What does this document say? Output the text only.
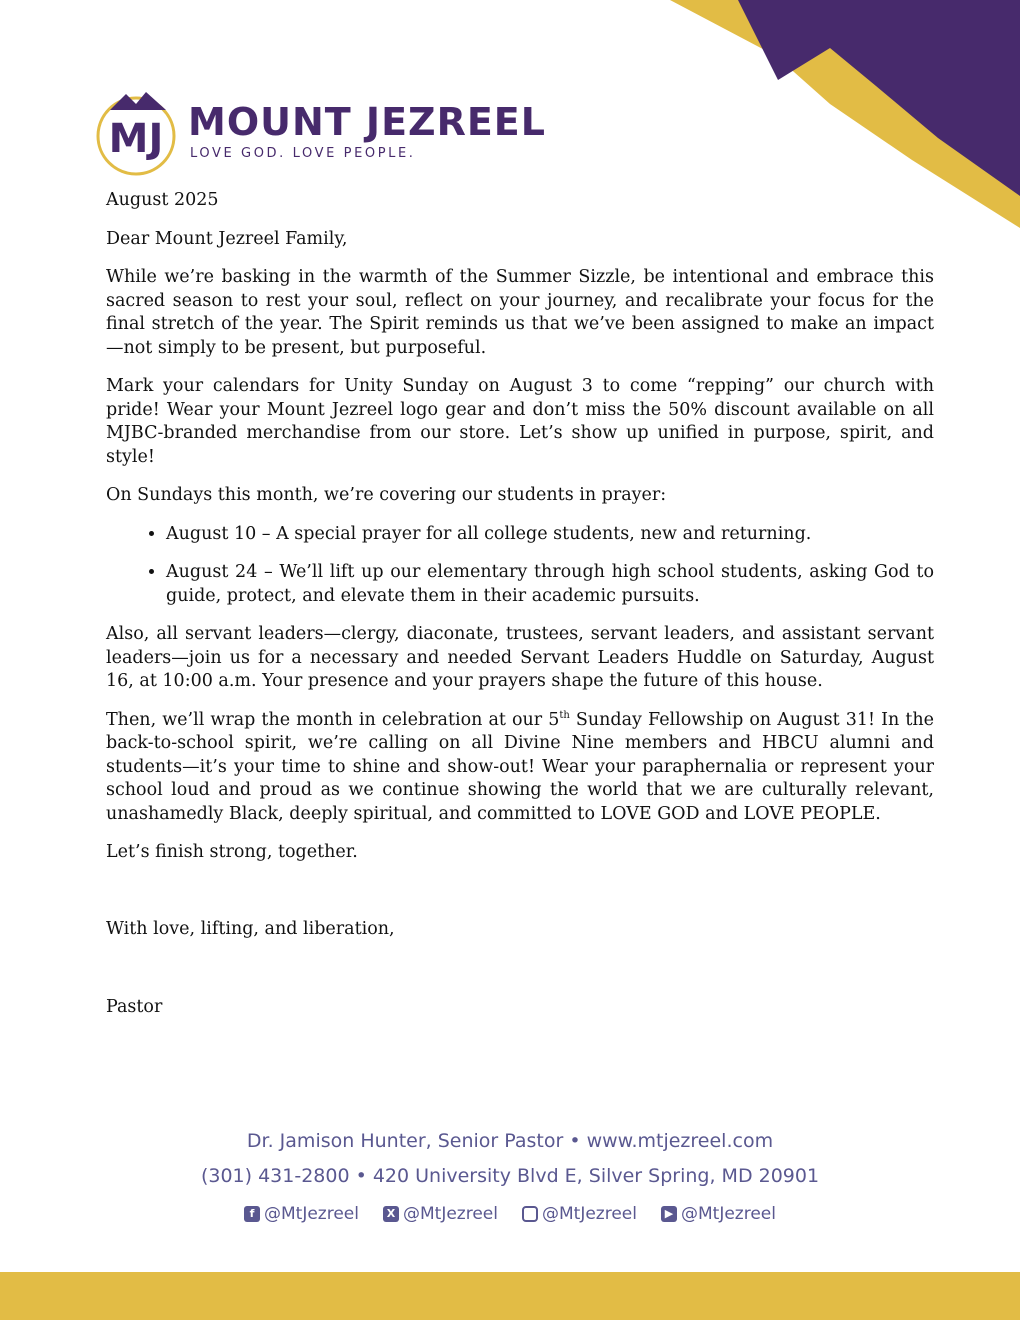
MJ MOUNT JEZREEL
LOVE GOD. LOVE PEOPLE.

August 2025

Dear Mount Jezreel Family,

While we’re basking in the warmth of the Summer Sizzle, be intentional and embrace this sacred season to rest your soul, reflect on your journey, and recalibrate your focus for the final stretch of the year. The Spirit reminds us that we’ve been assigned to make an impact—not simply to be present, but purposeful.

Mark your calendars for Unity Sunday on August 3 to come “repping” our church with pride! Wear your Mount Jezreel logo gear and don’t miss the 50% discount available on all MJBC-branded merchandise from our store. Let’s show up unified in purpose, spirit, and style!

On Sundays this month, we’re covering our students in prayer:

• August 10 – A special prayer for all college students, new and returning.
• August 24 – We’ll lift up our elementary through high school students, asking God to guide, protect, and elevate them in their academic pursuits.

Also, all servant leaders—clergy, diaconate, trustees, servant leaders, and assistant servant leaders—join us for a necessary and needed Servant Leaders Huddle on Saturday, August 16, at 10:00 a.m. Your presence and your prayers shape the future of this house.

Then, we’ll wrap the month in celebration at our 5th Sunday Fellowship on August 31! In the back-to-school spirit, we’re calling on all Divine Nine members and HBCU alumni and students—it’s your time to shine and show-out! Wear your paraphernalia or represent your school loud and proud as we continue showing the world that we are culturally relevant, unashamedly Black, deeply spiritual, and committed to LOVE GOD and LOVE PEOPLE.

Let’s finish strong, together.

With love, lifting, and liberation,

Pastor

Dr. Jamison Hunter, Senior Pastor • www.mtjezreel.com
(301) 431-2800 • 420 University Blvd E, Silver Spring, MD 20901
f @MtJezreel	X @MtJezreel	@MtJezreel	▶ @MtJezreel
